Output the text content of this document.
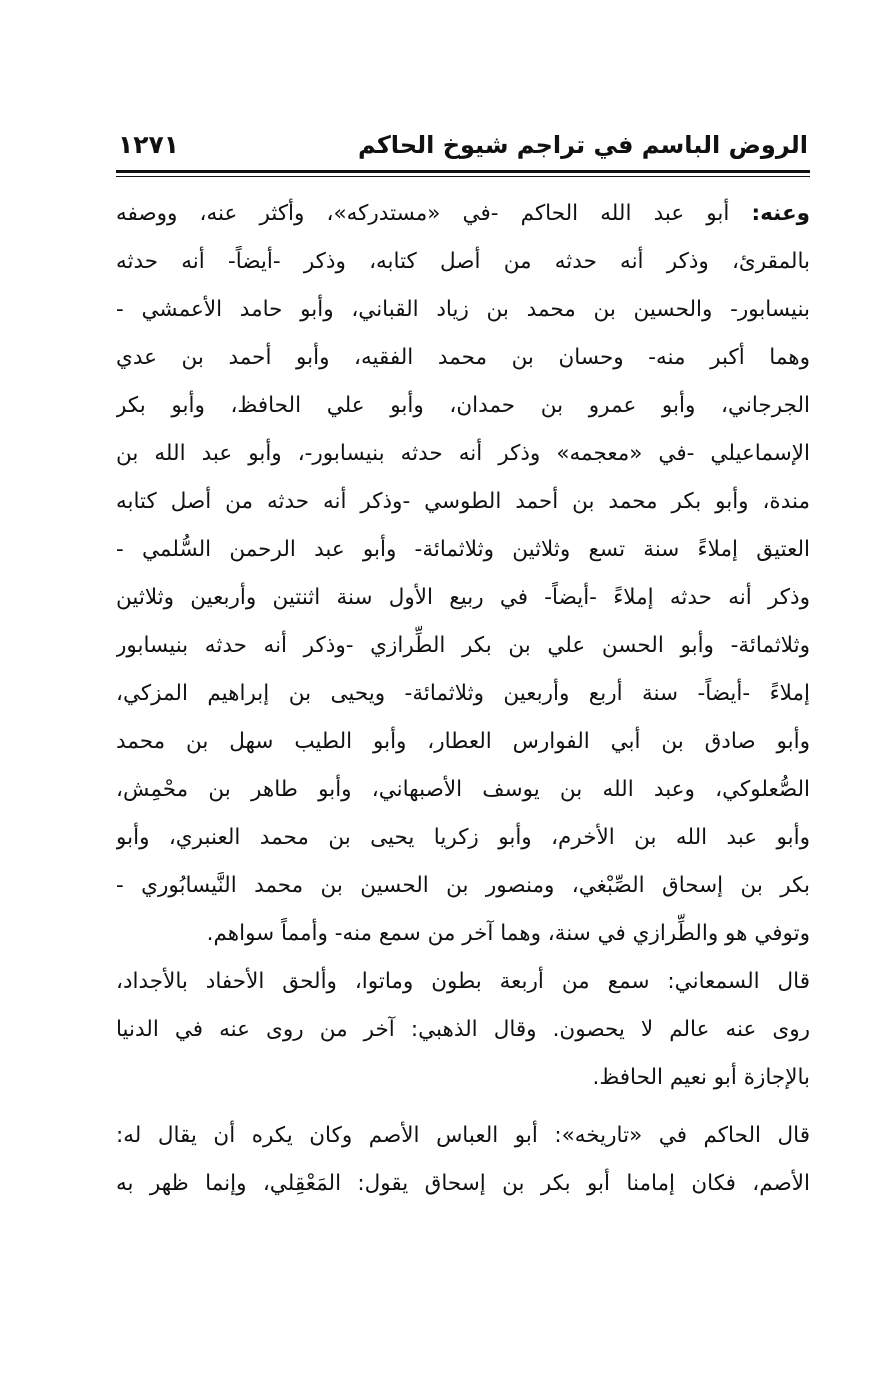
الروض الباسم في تراجم شيوخ الحاكم
١٢٧١
وعنه: أبو عبد الله الحاكم -في «مستدركه»، وأكثر عنه، ووصفه
بالمقرئ، وذكر أنه حدثه من أصل كتابه، وذكر -أيضاً- أنه حدثه
بنيسابور- والحسين بن محمد بن زياد القباني، وأبو حامد الأعمشي -
وهما أكبر منه- وحسان بن محمد الفقيه، وأبو أحمد بن عدي
الجرجاني، وأبو عمرو بن حمدان، وأبو علي الحافظ، وأبو بكر
الإسماعيلي -في «معجمه» وذكر أنه حدثه بنيسابور-، وأبو عبد الله بن
مندة، وأبو بكر محمد بن أحمد الطوسي -وذكر أنه حدثه من أصل كتابه
العتيق إملاءً سنة تسع وثلاثين وثلاثمائة- وأبو عبد الرحمن السُّلمي -
وذكر أنه حدثه إملاءً -أيضاً- في ربيع الأول سنة اثنتين وأربعين وثلاثين
وثلاثمائة- وأبو الحسن علي بن بكر الطِّرازي -وذكر أنه حدثه بنيسابور
إملاءً -أيضاً- سنة أربع وأربعين وثلاثمائة- ويحيى بن إبراهيم المزكي،
وأبو صادق بن أبي الفوارس العطار، وأبو الطيب سهل بن محمد
الصُّعلوكي، وعبد الله بن يوسف الأصبهاني، وأبو طاهر بن محْمِش،
وأبو عبد الله بن الأخرم، وأبو زكريا يحيى بن محمد العنبري، وأبو
بكر بن إسحاق الصِّبْغي، ومنصور بن الحسين بن محمد النَّيسابُوري -
وتوفي هو والطِّرازي في سنة، وهما آخر من سمع منه- وأمماً سواهم.
قال السمعاني: سمع من أربعة بطون وماتوا، وألحق الأحفاد بالأجداد،
روى عنه عالم لا يحصون. وقال الذهبي: آخر من روى عنه في الدنيا
بالإجازة أبو نعيم الحافظ.
قال الحاكم في «تاريخه»: أبو العباس الأصم وكان يكره أن يقال له:
الأصم، فكان إمامنا أبو بكر بن إسحاق يقول: المَعْقِلي، وإنما ظهر به
